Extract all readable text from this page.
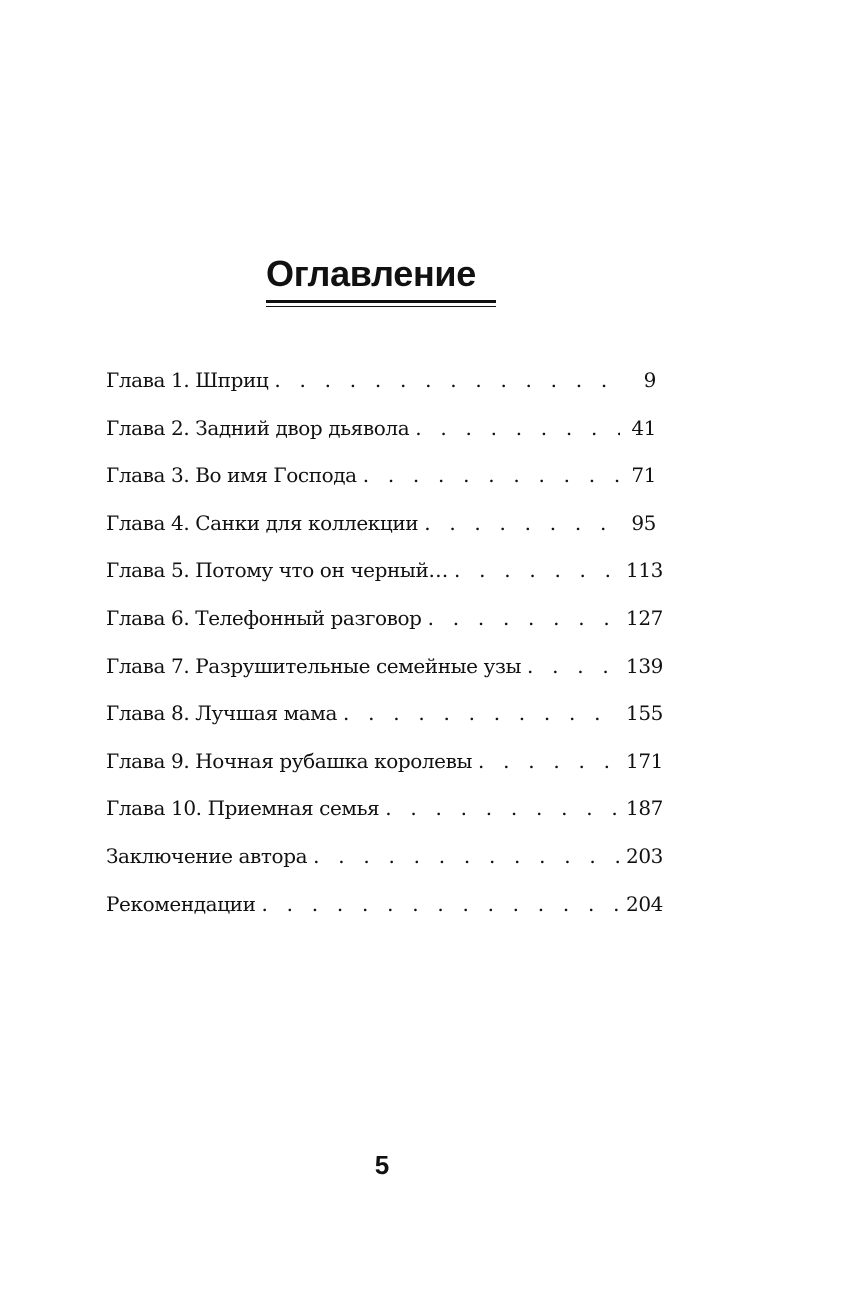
Оглавление
Глава 1. Шприц . . .	9
Глава 2. Задний двор дьявола . . .	41
Глава 3. Во имя Господа . . .	71
Глава 4. Санки для коллекции . . .	95
Глава 5. Потому что он черный… . . .	113
Глава 6. Телефонный разговор . . .	127
Глава 7. Разрушительные семейные узы . . .	139
Глава 8. Лучшая мама . . .	155
Глава 9. Ночная рубашка королевы . . .	171
Глава 10. Приемная семья . . .	187
Заключение автора . . .	203
Рекомендации . . .	204
5
